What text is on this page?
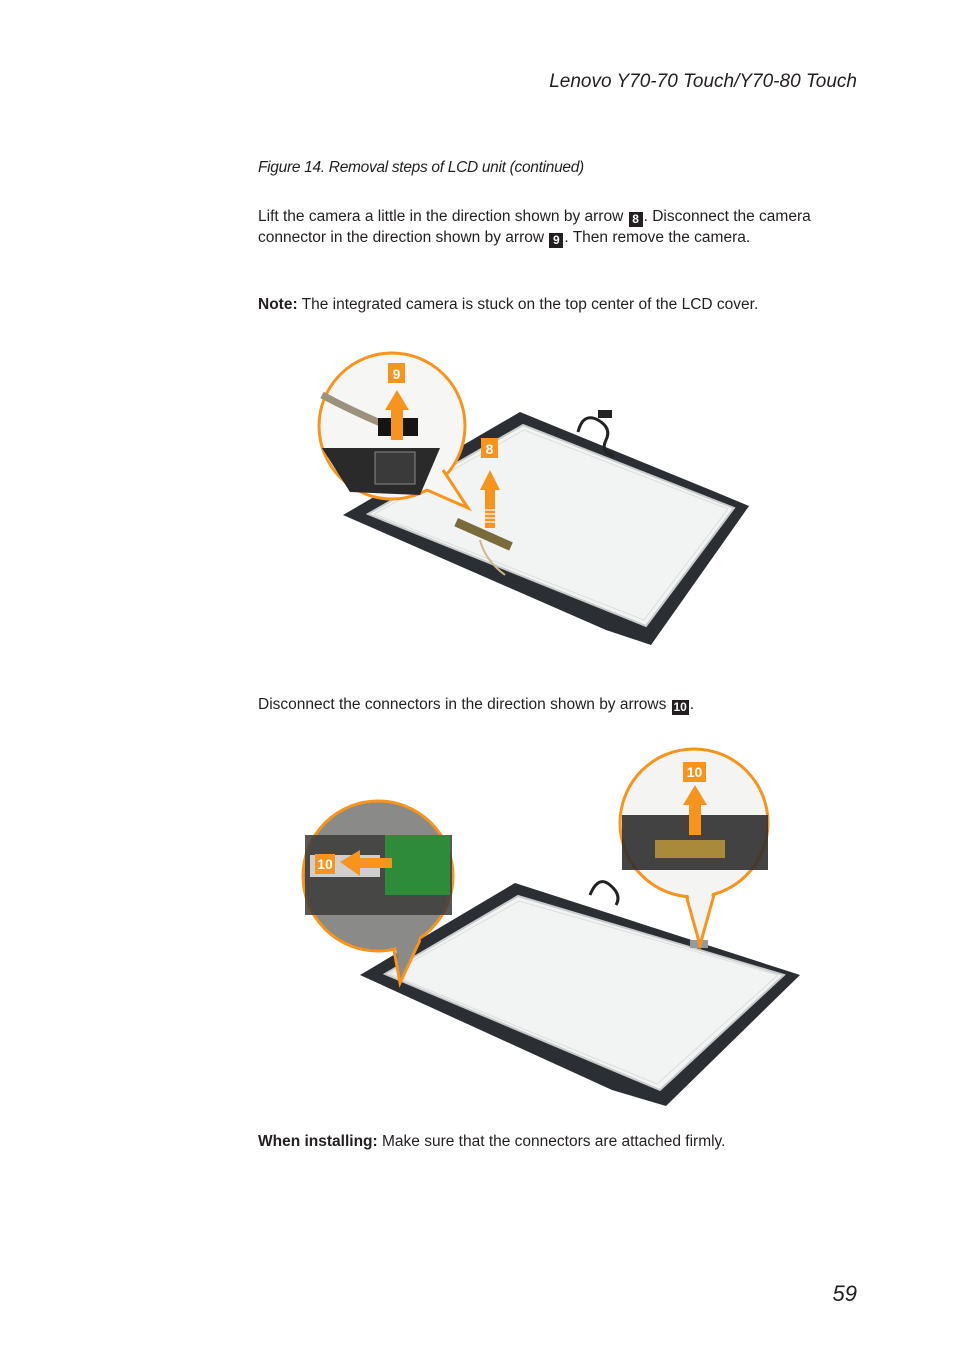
Lenovo Y70-70 Touch/Y70-80 Touch
Figure 14. Removal steps of LCD unit (continued)
Lift the camera a little in the direction shown by arrow 8 . Disconnect the camera connector in the direction shown by arrow 9 . Then remove the camera.
Note: The integrated camera is stuck on the top center of the LCD cover.
9
8
Disconnect the connectors in the direction shown by arrows 10 .
10
10
When installing: Make sure that the connectors are attached firmly.
59
